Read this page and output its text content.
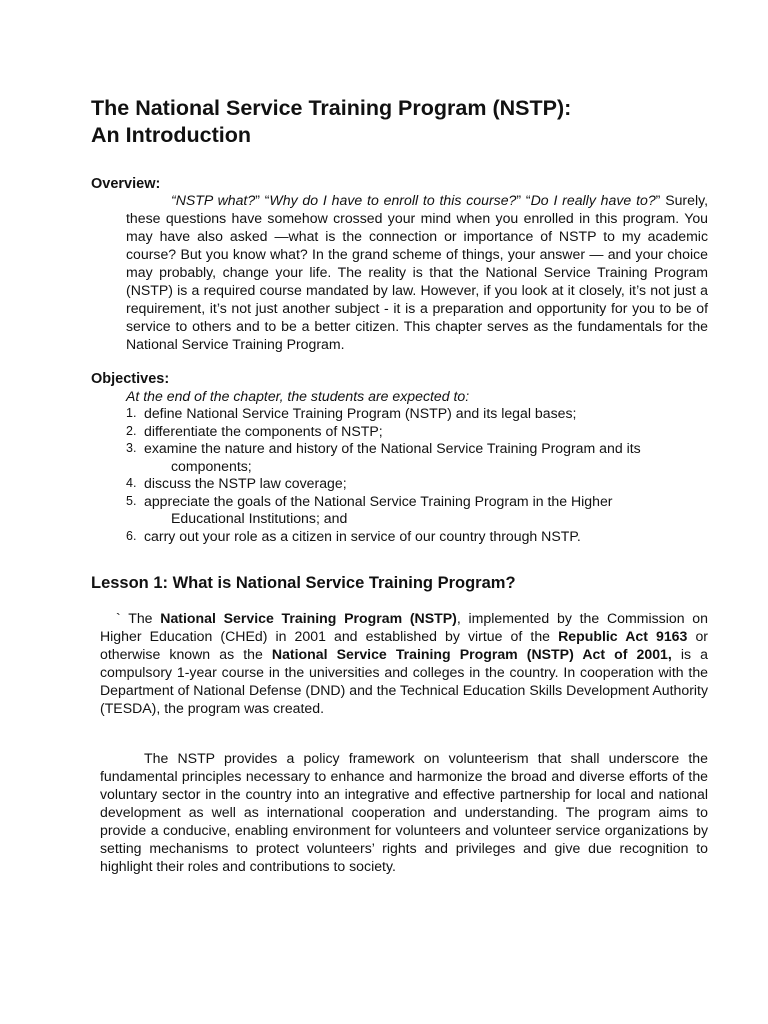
The National Service Training Program (NSTP):
An Introduction
Overview:

“NSTP what?” “Why do I have to enroll to this course?” “Do I really have to?” Surely, these questions have somehow crossed your mind when you enrolled in this program. You may have also asked —what is the connection or importance of NSTP to my academic course? But you know what? In the grand scheme of things, your answer — and your choice may probably, change your life. The reality is that the National Service Training Program (NSTP) is a required course mandated by law. However, if you look at it closely, it’s not just a requirement, it’s not just another subject - it is a preparation and opportunity for you to be of service to others and to be a better citizen. This chapter serves as the fundamentals for the National Service Training Program.

Objectives:

At the end of the chapter, the students are expected to:

1. define National Service Training Program (NSTP) and its legal bases;
2. differentiate the components of NSTP;
3. examine the nature and history of the National Service Training Program and its
components;
4. discuss the NSTP law coverage;
5. appreciate the goals of the National Service Training Program in the Higher
Educational Institutions; and
6. carry out your role as a citizen in service of our country through NSTP.
Lesson 1: What is National Service Training Program?

` The National Service Training Program (NSTP), implemented by the Commission on Higher Education (CHEd) in 2001 and established by virtue of the Republic Act 9163 or otherwise known as the National Service Training Program (NSTP) Act of 2001, is a compulsory 1-year course in the universities and colleges in the country. In cooperation with the Department of National Defense (DND) and the Technical Education Skills Development Authority (TESDA), the program was created.

The NSTP provides a policy framework on volunteerism that shall underscore the fundamental principles necessary to enhance and harmonize the broad and diverse efforts of the voluntary sector in the country into an integrative and effective partnership for local and national development as well as international cooperation and understanding. The program aims to provide a conducive, enabling environment for volunteers and volunteer service organizations by setting mechanisms to protect volunteers’ rights and privileges and give due recognition to highlight their roles and contributions to society.
